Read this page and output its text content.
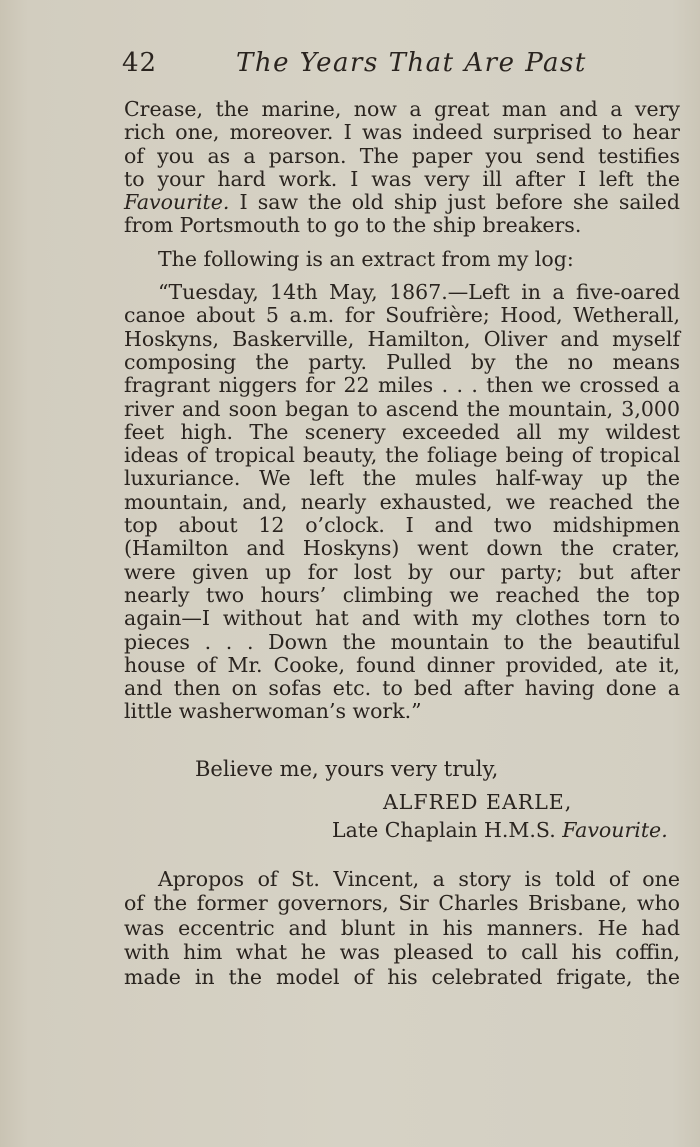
42	The Years That Are Past
Crease, the marine, now a great man and a very
rich one, moreover. I was indeed surprised to hear
of you as a parson. The paper you send testifies
to your hard work. I was very ill after I left the
Favourite. I saw the old ship just before she sailed
from Portsmouth to go to the ship breakers.
The following is an extract from my log:
“Tuesday, 14th May, 1867.—Left in a five-oared
canoe about 5 a.m. for Soufrière; Hood, Wetherall,
Hoskyns, Baskerville, Hamilton, Oliver and myself
composing the party. Pulled by the no means
fragrant niggers for 22 miles . . . then we crossed a
river and soon began to ascend the mountain, 3,000
feet high. The scenery exceeded all my wildest
ideas of tropical beauty, the foliage being of tropical
luxuriance. We left the mules half-way up the
mountain, and, nearly exhausted, we reached the
top about 12 o’clock. I and two midshipmen
(Hamilton and Hoskyns) went down the crater,
were given up for lost by our party; but after
nearly two hours’ climbing we reached the top
again—I without hat and with my clothes torn to
pieces . . . Down the mountain to the beautiful
house of Mr. Cooke, found dinner provided, ate it,
and then on sofas etc. to bed after having done a
little washerwoman’s work.”
Believe me, yours very truly,
ALFRED EARLE,
Late Chaplain H.M.S. Favourite.
Apropos of St. Vincent, a story is told of one
of the former governors, Sir Charles Brisbane, who
was eccentric and blunt in his manners. He had
with him what he was pleased to call his coffin,
made in the model of his celebrated frigate, the
